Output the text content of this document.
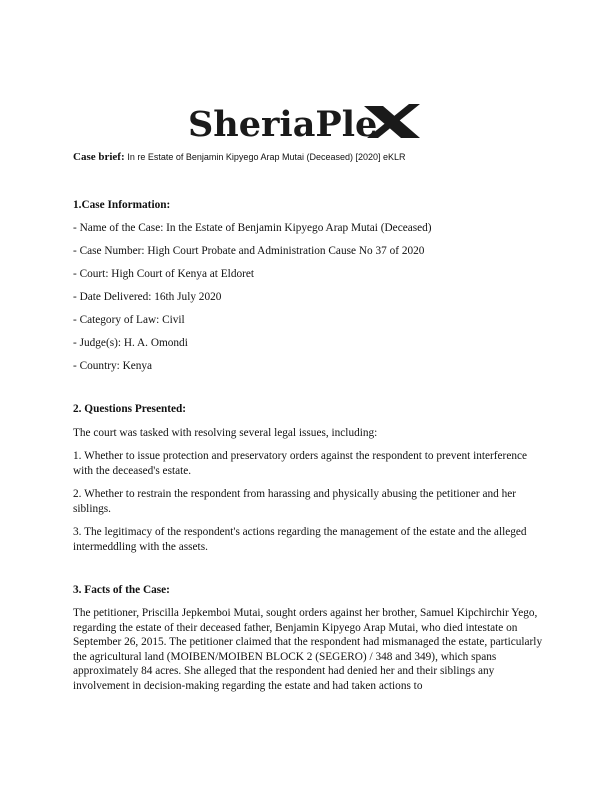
SheriaPle
Case brief: In re Estate of Benjamin Kipyego Arap Mutai (Deceased) [2020] eKLR
1.Case Information:
- Name of the Case: In the Estate of Benjamin Kipyego Arap Mutai (Deceased)
- Case Number: High Court Probate and Administration Cause No 37 of 2020
- Court: High Court of Kenya at Eldoret
- Date Delivered: 16th July 2020
- Category of Law: Civil
- Judge(s): H. A. Omondi
- Country: Kenya
2. Questions Presented:
The court was tasked with resolving several legal issues, including:
1. Whether to issue protection and preservatory orders against the respondent to prevent interference with the deceased's estate.
2. Whether to restrain the respondent from harassing and physically abusing the petitioner and her siblings.
3. The legitimacy of the respondent's actions regarding the management of the estate and the alleged intermeddling with the assets.
3. Facts of the Case:
The petitioner, Priscilla Jepkemboi Mutai, sought orders against her brother, Samuel Kipchirchir Yego, regarding the estate of their deceased father, Benjamin Kipyego Arap Mutai, who died intestate on September 26, 2015. The petitioner claimed that the respondent had mismanaged the estate, particularly the agricultural land (MOIBEN/MOIBEN BLOCK 2 (SEGERO) / 348 and 349), which spans approximately 84 acres. She alleged that the respondent had denied her and their siblings any involvement in decision-making regarding the estate and had taken actions to
